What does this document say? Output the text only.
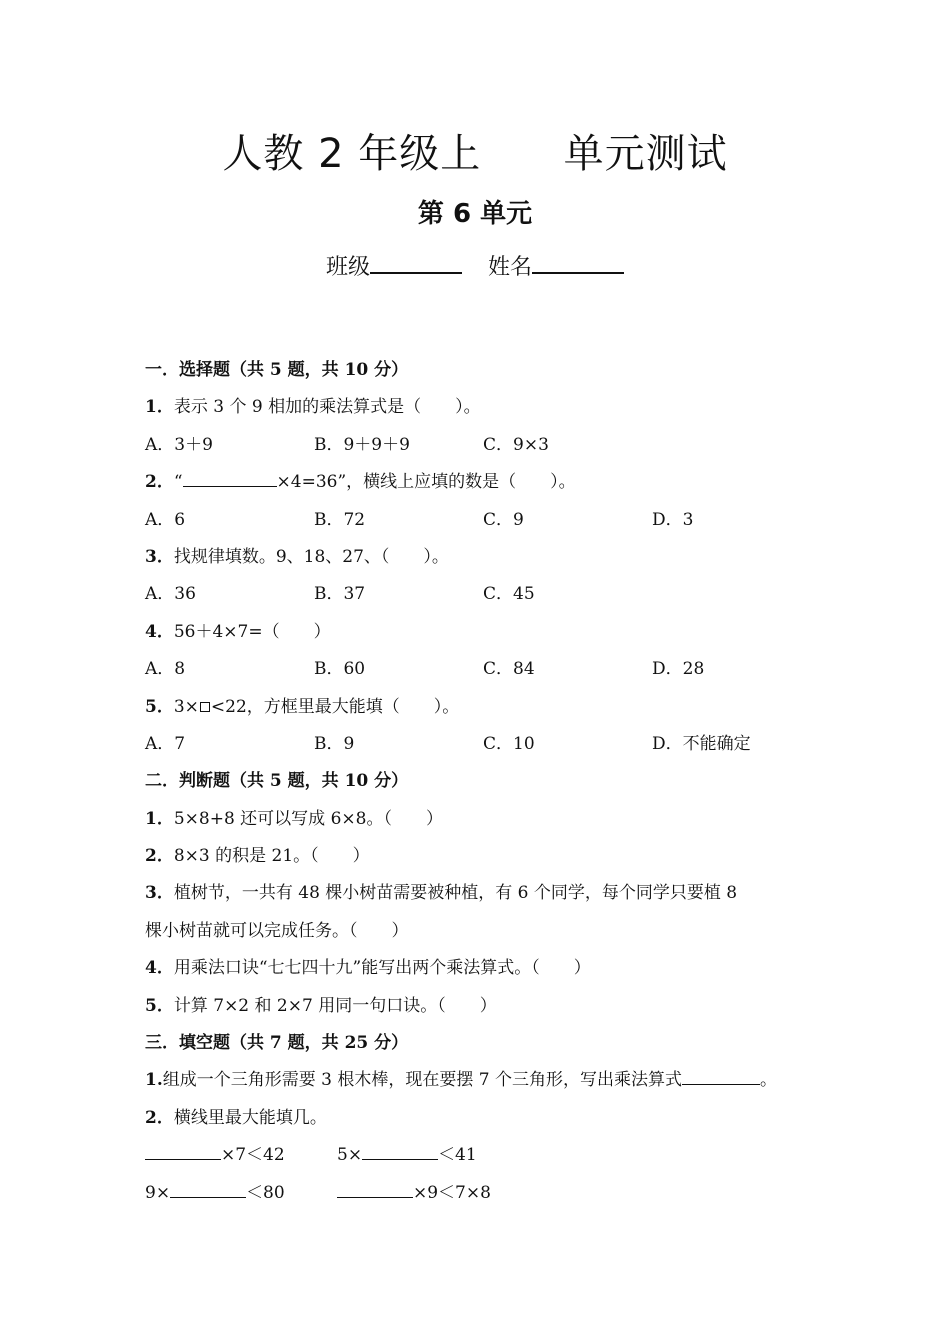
人教 2 年级上      单元测试
第 6 单元
班级	姓名
一．选择题（共 5 题，共 10 分）
1．表示 3 个 9 相加的乘法算式是（　　）。
A．3＋9	B．9＋9＋9	C．9×3
2．“	×4=36”，横线上应填的数是（　　）。
A．6	B．72	C．9	D．3
3．找规律填数。9、18、27、（　　）。
A．36	B．37	C．45
4．56＋4×7=（　　）
A．8	B．60	C．84	D．28
5．3× <22，方框里最大能填（　　）。
A．7	B．9	C．10	D．不能确定
二．判断题（共 5 题，共 10 分）
1．5×8+8 还可以写成 6×8。（　　）
2．8×3 的积是 21。（　　）
3．植树节，一共有 48 棵小树苗需要被种植，有 6 个同学，每个同学只要植 8
棵小树苗就可以完成任务。（　　）
4．用乘法口诀“七七四十九”能写出两个乘法算式。（　　）
5．计算 7×2 和 2×7 用同一句口诀。（　　）
三．填空题（共 7 题，共 25 分）
1.组成一个三角形需要 3 根木棒，现在要摆 7 个三角形，写出乘法算式	。
2．横线里最大能填几。
×7＜42	5×	＜41
9×	＜80	×9＜7×8
